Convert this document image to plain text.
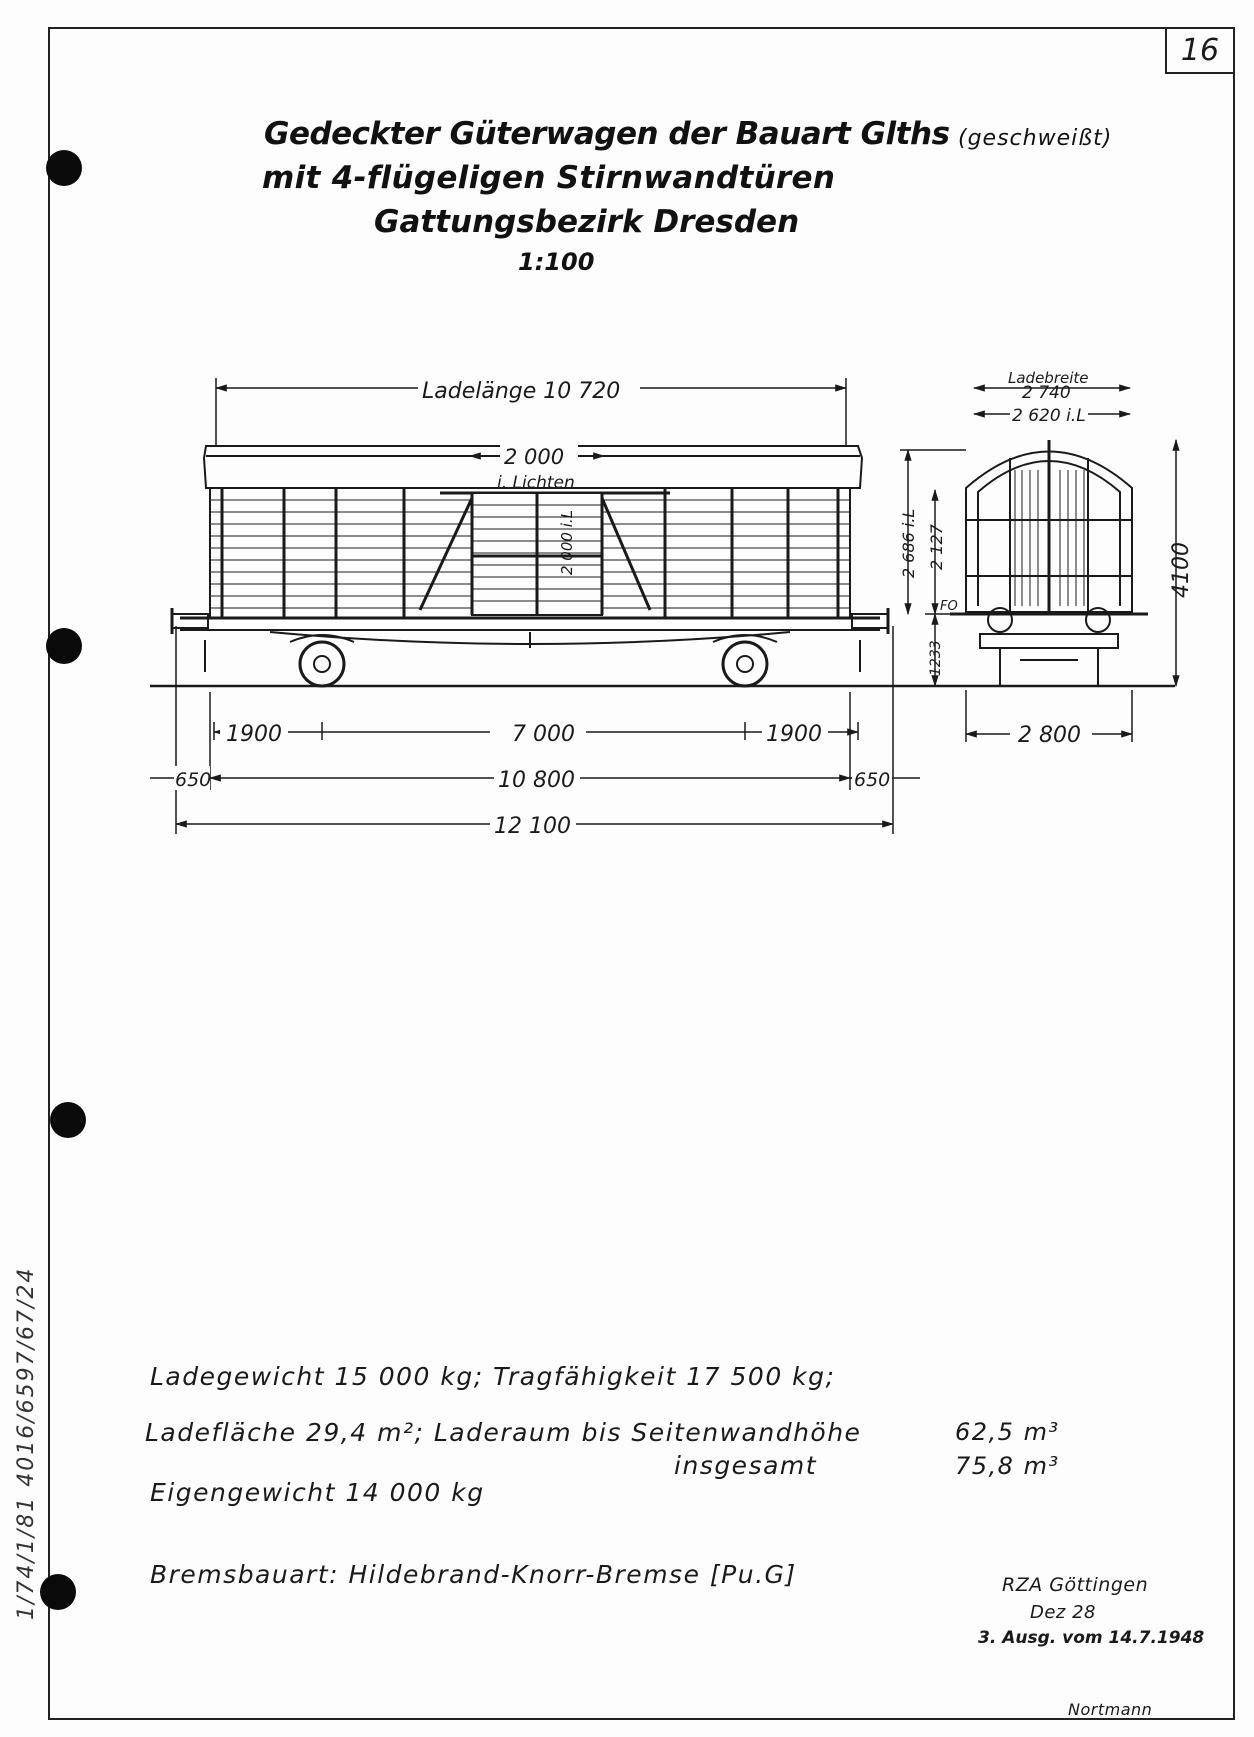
16
Gedeckter Güterwagen der Bauart Glths (geschweißt)
mit 4-flügeligen Stirnwandtüren
Gattungsbezirk Dresden
1:100
Ladelänge 10 720
2 000
i. Lichten
2 000 i.L
1900	7 000	1900
650	10 800	650
12 100
Ladebreite
2 740
2 620 i.L
2 800
4100
2 686 i.L 2 127
1233
FO
Ladegewicht 15 000 kg; Tragfähigkeit 17 500 kg;
Ladefläche 29,4 m²; Laderaum bis Seitenwandhöhe	62,5 m³
insgesamt	75,8 m³
Eigengewicht 14 000 kg
Bremsbauart: Hildebrand-Knorr-Bremse [Pu.G]	RZA Göttingen
Dez 28
3. Ausg. vom 14.7.1948
Nortmann
1/74/1/81 4016/6597/67/24
